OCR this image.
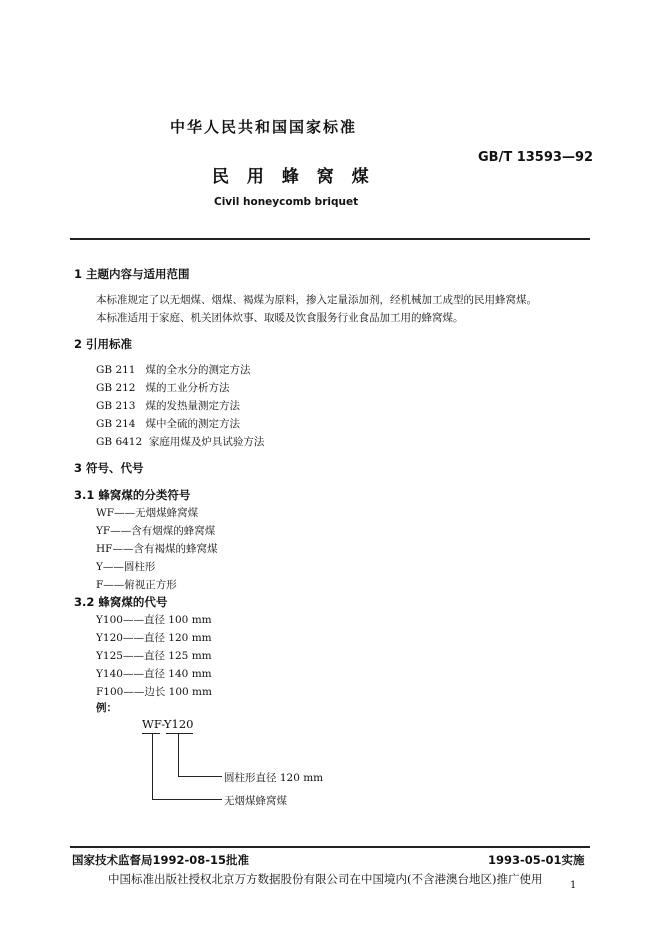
中华人民共和国国家标准
GB/T 13593—92
民 用 蜂 窝 煤
Civil honeycomb briquet
1 主题内容与适用范围
本标准规定了以无烟煤、烟煤、褐煤为原料，掺入定量添加剂，经机械加工成型的民用蜂窝煤。
本标准适用于家庭、机关团体炊事、取暖及饮食服务行业食品加工用的蜂窝煤。
2 引用标准
GB 211 煤的全水分的测定方法
GB 212 煤的工业分析方法
GB 213 煤的发热量测定方法
GB 214 煤中全硫的测定方法
GB 6412 家庭用煤及炉具试验方法
3 符号、代号
3.1 蜂窝煤的分类符号
WF——无烟煤蜂窝煤
YF——含有烟煤的蜂窝煤
HF——含有褐煤的蜂窝煤
Y——圆柱形
F——俯视正方形
3.2 蜂窝煤的代号
Y100——直径 100 mm
Y120——直径 120 mm
Y125——直径 125 mm
Y140——直径 140 mm
F100——边长 100 mm
例：
WF-Y120
圆柱形直径 120 mm
无烟煤蜂窝煤
国家技术监督局1992-08-15批准	1993-05-01实施
中国标准出版社授权北京万方数据股份有限公司在中国境内(不含港澳台地区)推广使用	1
